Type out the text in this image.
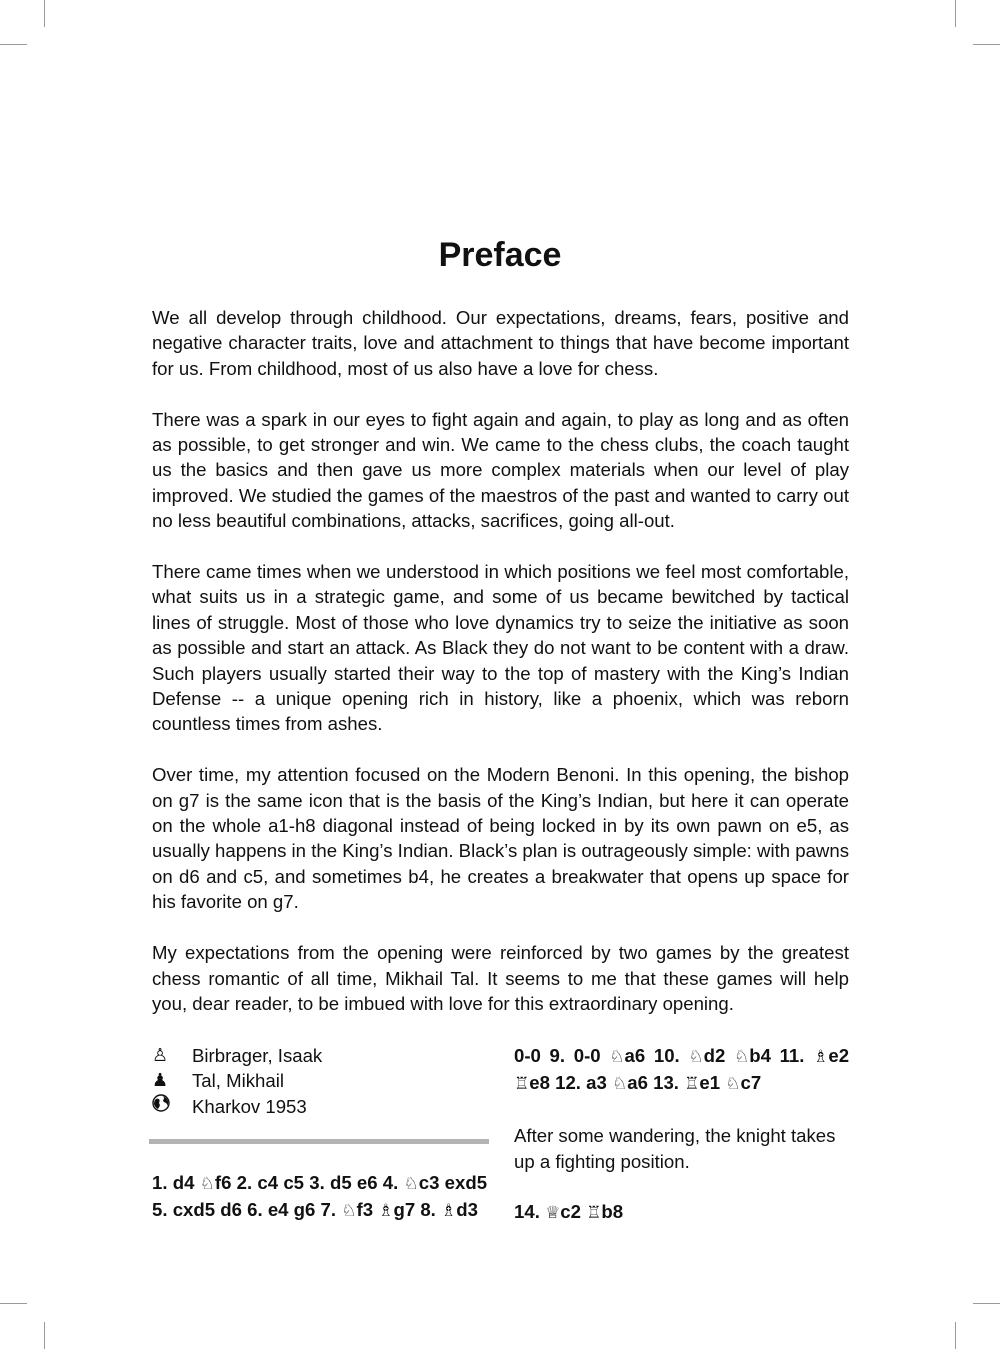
Preface

We all develop through childhood. Our expectations, dreams, fears, positive and negative character traits, love and attachment to things that have become important for us. From childhood, most of us also have a love for chess.

There was a spark in our eyes to fight again and again, to play as long and as often as possible, to get stronger and win. We came to the chess clubs, the coach taught us the basics and then gave us more complex materials when our level of play improved. We studied the games of the maestros of the past and wanted to carry out no less beautiful combinations, attacks, sacrifices, going all-out.

There came times when we understood in which positions we feel most comfortable, what suits us in a strategic game, and some of us became bewitched by tactical lines of struggle. Most of those who love dynamics try to seize the initiative as soon as possible and start an attack. As Black they do not want to be content with a draw. Such players usually started their way to the top of mastery with the King’s Indian Defense -- a unique opening rich in history, like a phoenix, which was reborn countless times from ashes.

Over time, my attention focused on the Modern Benoni. In this opening, the bishop on g7 is the same icon that is the basis of the King’s Indian, but here it can operate on the whole a1-h8 diagonal instead of being locked in by its own pawn on e5, as usually happens in the King’s Indian. Black’s plan is outrageously simple: with pawns on d6 and c5, and sometimes b4, he creates a breakwater that opens up space for his favorite on g7.

My expectations from the opening were reinforced by two games by the greatest chess romantic of all time, Mikhail Tal. It seems to me that these games will help you, dear reader, to be imbued with love for this extraordinary opening.

♙	Birbrager, Isaak
♟	Tal, Mikhail
Kharkov 1953
1. d4 ♘f6 2. c4 c5 3. d5 e6 4. ♘c3 exd5 5. cxd5 d6 6. e4 g6 7. ♘f3 ♗g7 8. ♗d3
0-0 9. 0-0 ♘a6 10. ♘d2 ♘b4 11. ♗e2 ♖e8 12. a3 ♘a6 13. ♖e1 ♘c7
After some wandering, the knight takes up a fighting position.
14. ♕c2 ♖b8
